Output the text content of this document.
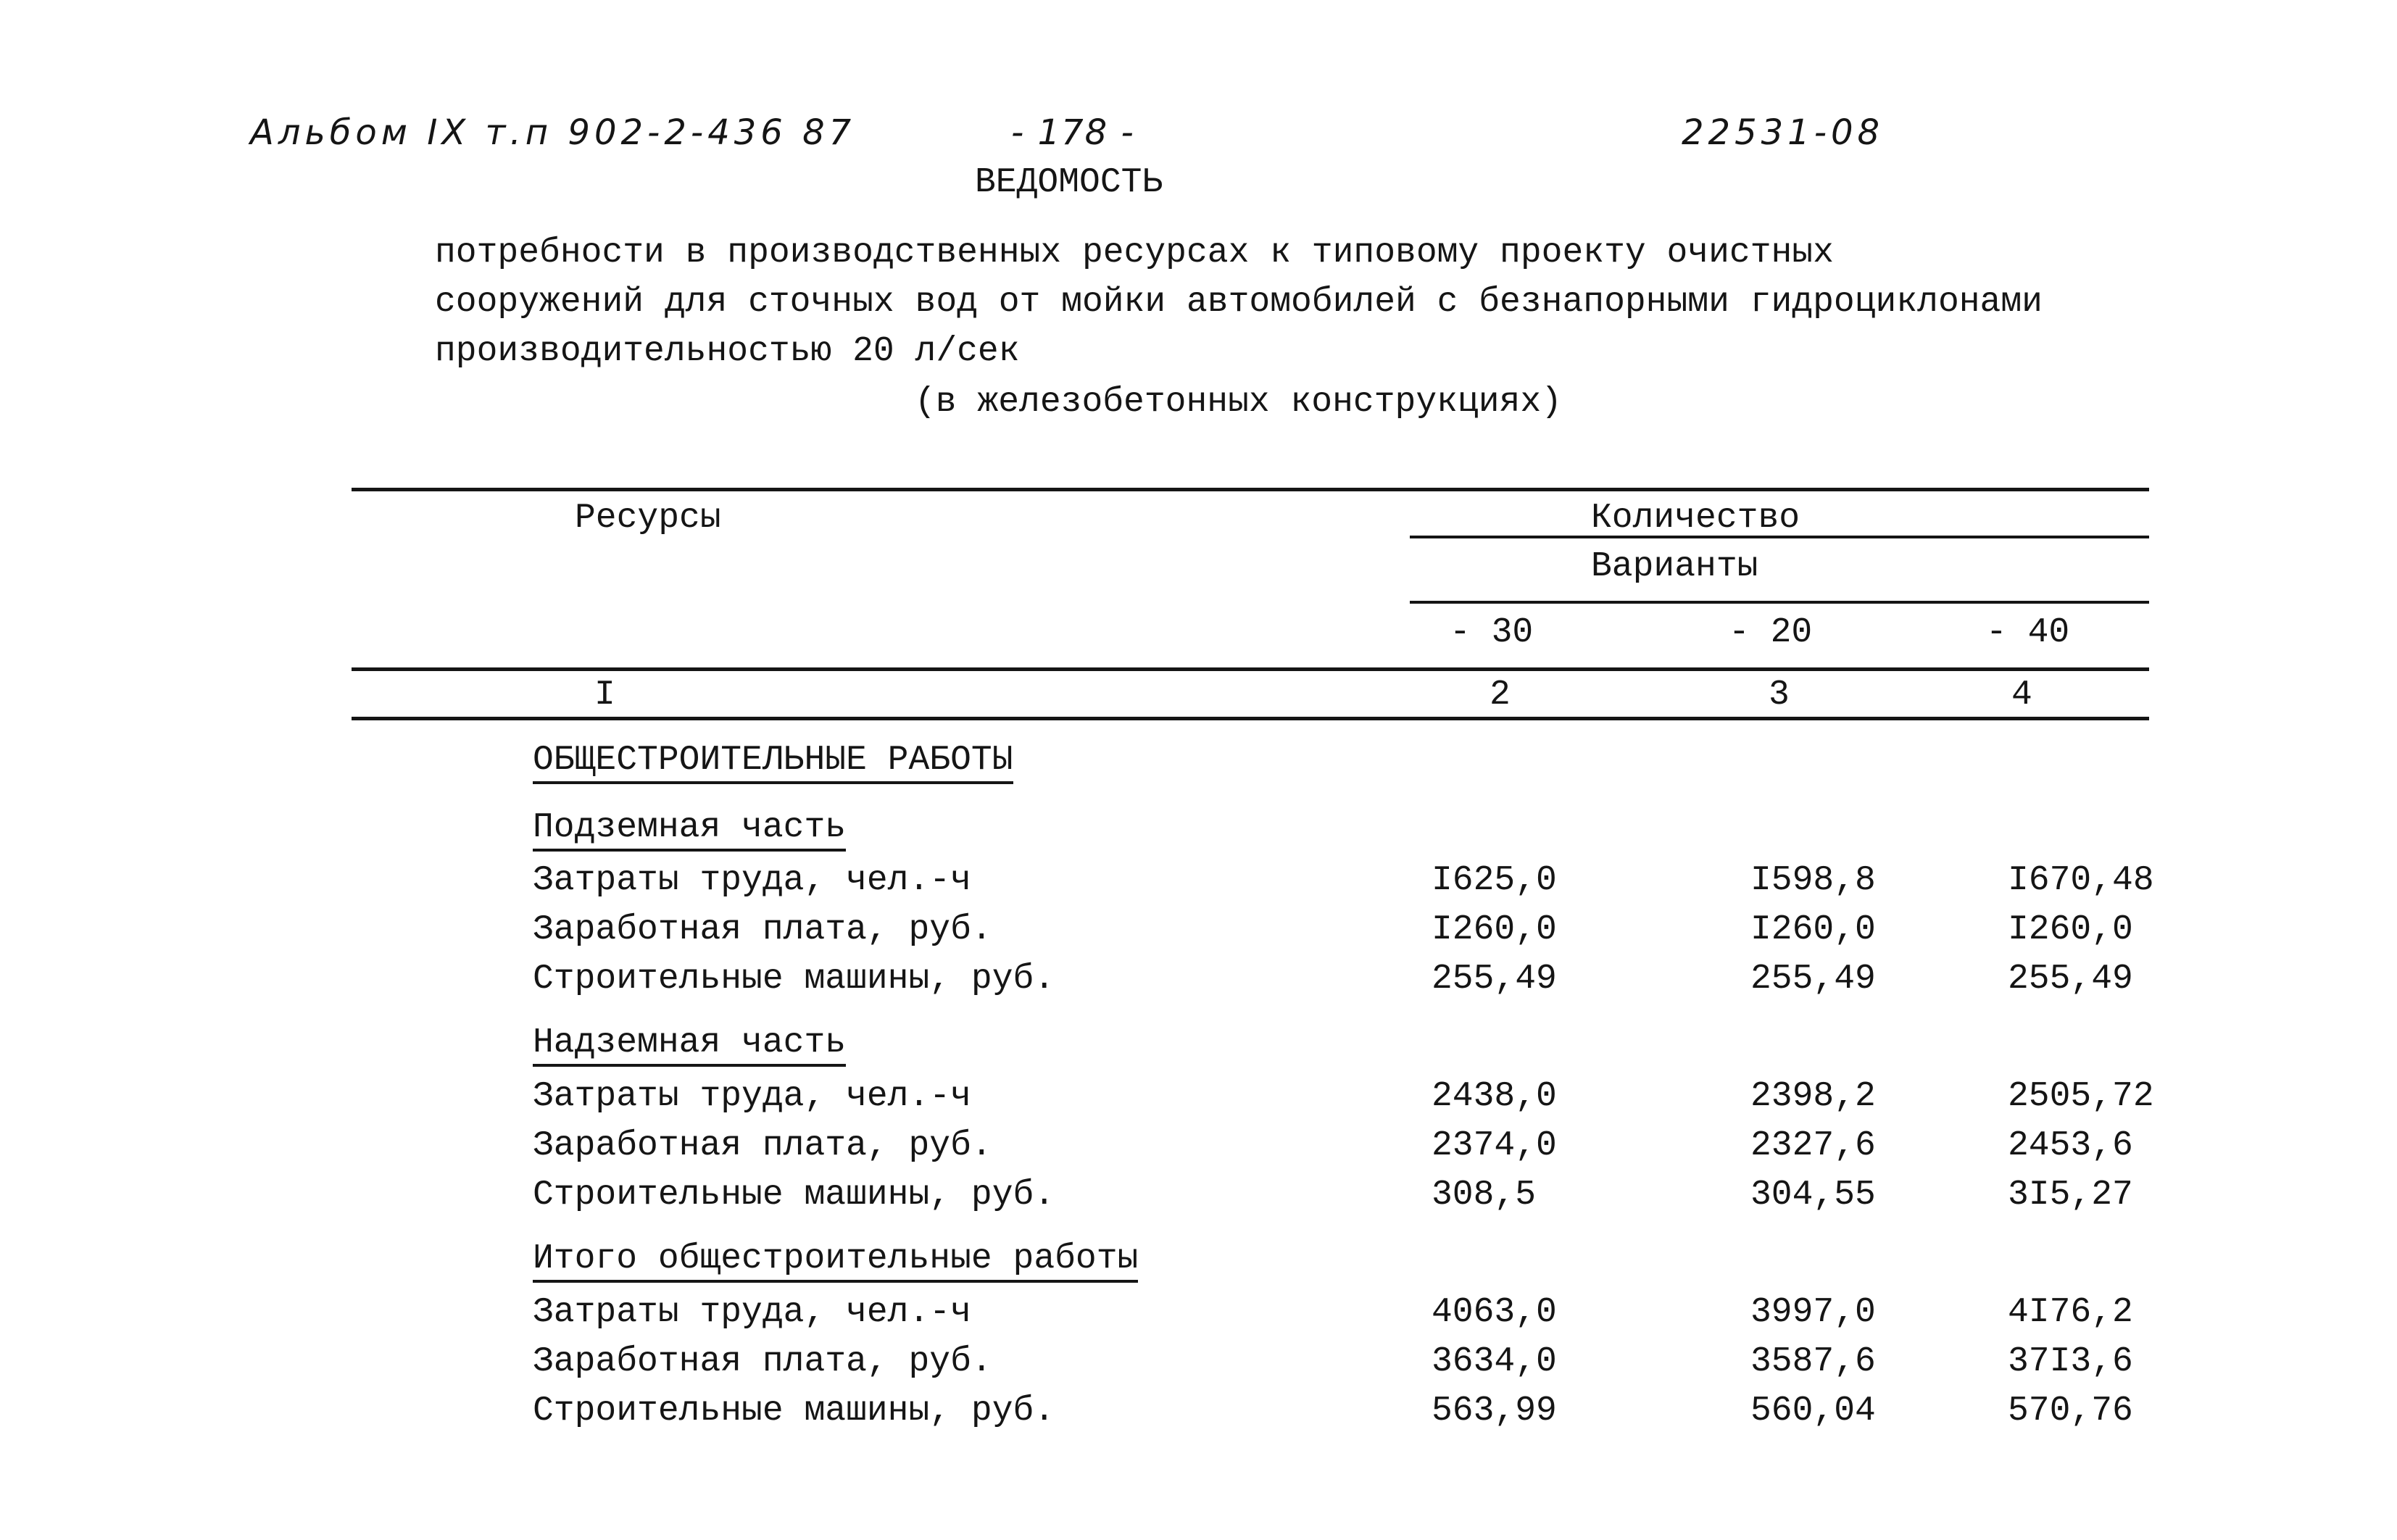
Альбом IX т.п 902-2-436 87	- 178 -	22531-08
ВЕДОМОСТЬ
потребности в производственных ресурсах к типовому проекту очистных
сооружений для сточных вод от мойки автомобилей с безнапорными гидроциклонами
производительностью 20 л/сек
(в железобетонных конструкциях)
Ресурсы	Количество
Варианты
- 30	- 20	- 40
I	2	3	4
ОБЩЕСТРОИТЕЛЬНЫЕ РАБОТЫ
Подземная часть
Затраты труда, чел.-ч	I625,0	I598,8	I670,48
Заработная плата, руб.	I260,0	I260,0	I260,0
Строительные машины, руб.	255,49	255,49	255,49
Надземная часть
Затраты труда, чел.-ч	2438,0	2398,2	2505,72
Заработная плата, руб.	2374,0	2327,6	2453,6
Строительные машины, руб.	308,5	304,55	3I5,27
Итого общестроительные работы
Затраты труда, чел.-ч	4063,0	3997,0	4I76,2
Заработная плата, руб.	3634,0	3587,6	37I3,6
Строительные машины, руб.	563,99	560,04	570,76
